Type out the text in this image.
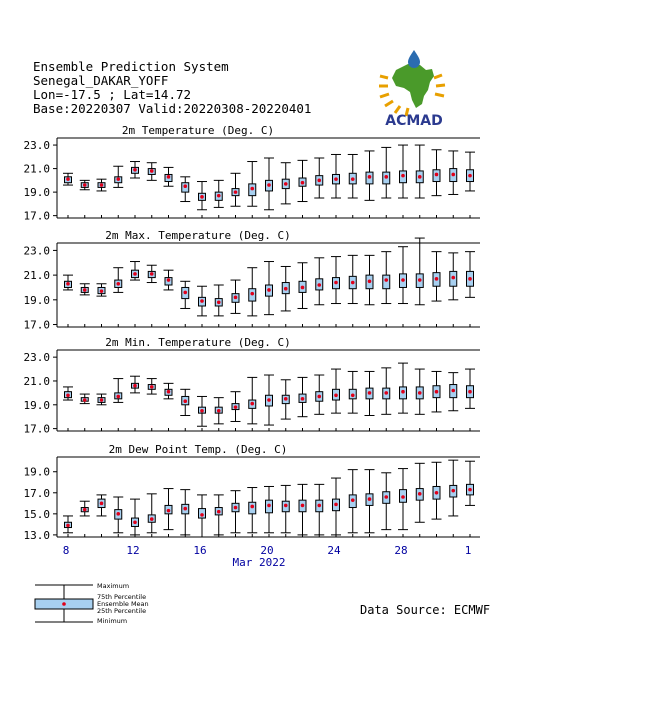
Ensemble Prediction System
Senegal_DAKAR_YOFF
Lon=-17.5 ; Lat=14.72
Base:20220307 Valid:20220308-20220401
ACMAD
2m Temperature (Deg. C)
17.0
19.0
21.0
23.0
2m Max. Temperature (Deg. C)
17.0
19.0
21.0
23.0
2m Min. Temperature (Deg. C)
17.0
19.0
21.0
23.0
2m Dew Point Temp. (Deg. C)
13.0
15.0
17.0
19.0
8	12	16	20	24	28	1
Mar 2022
Maximum
75th Percentile
Ensemble Mean
25th Percentile
Minimum
Data Source: ECMWF
